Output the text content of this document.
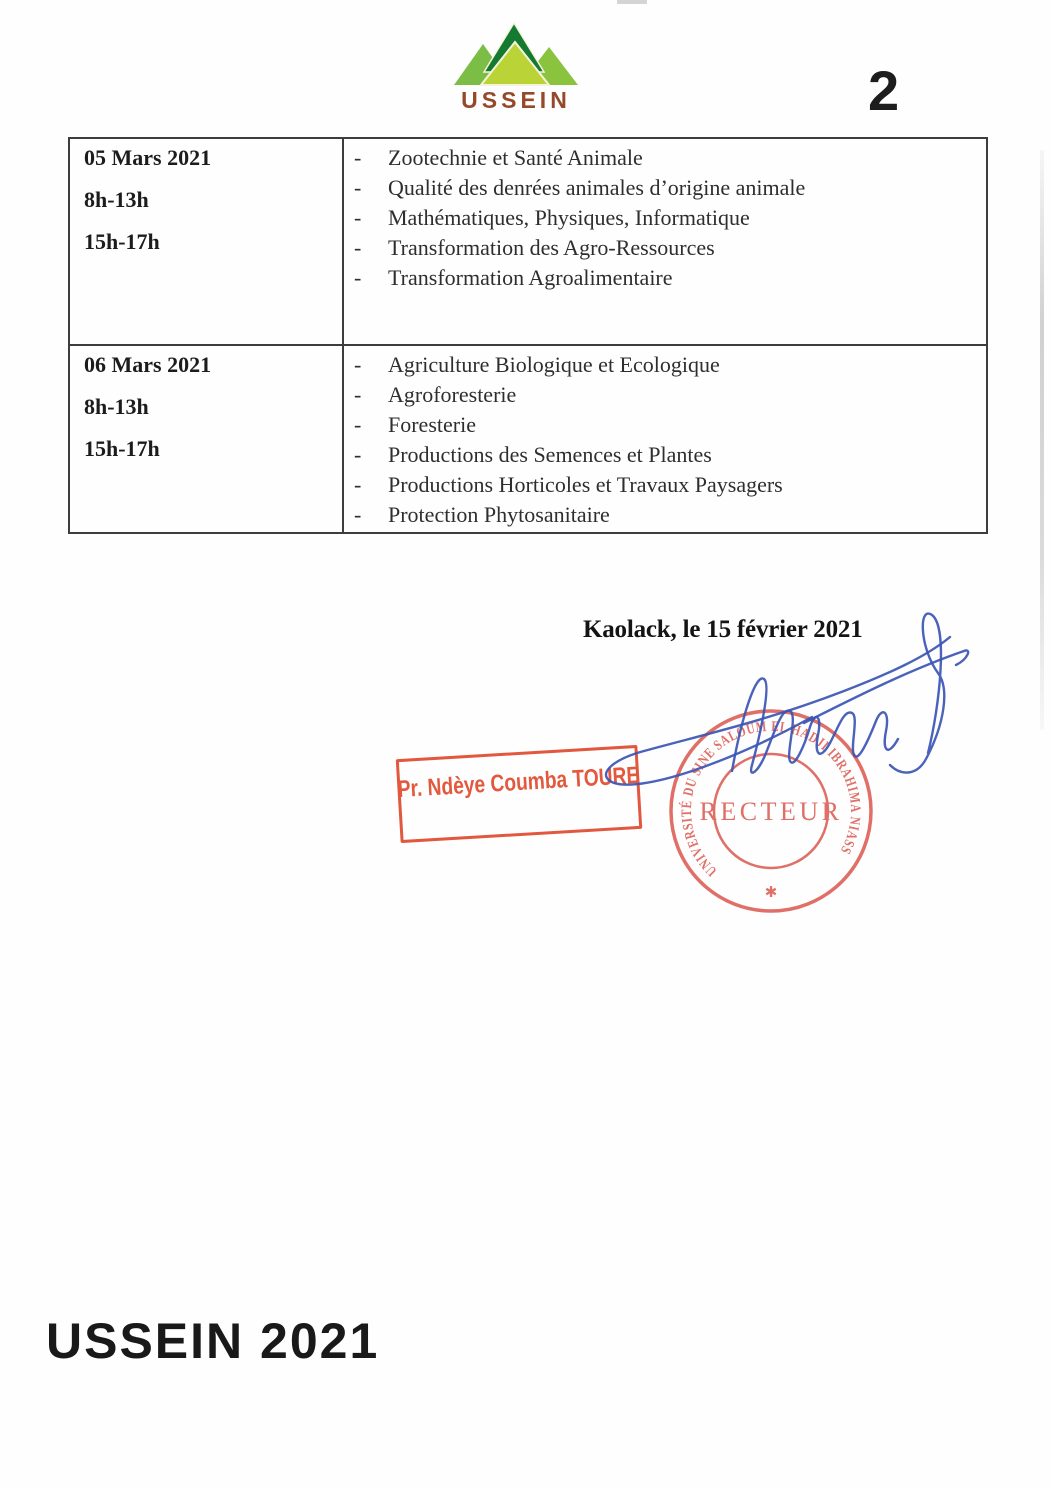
USSEIN	2
05 Mars 2021
8h-13h
15h-17h

-	Zootechnie et Santé Animale
-	Qualité des denrées animales d’origine animale
-	Mathématiques, Physiques, Informatique
-	Transformation des Agro-Ressources
-	Transformation Agroalimentaire

06 Mars 2021
8h-13h
15h-17h

-	Agriculture Biologique et Ecologique
-	Agroforesterie
-	Foresterie
-	Productions des Semences et Plantes
-	Productions Horticoles et Travaux Paysagers
-	Protection Phytosanitaire
Kaolack, le 15 février 2021
UNIVERSITÉ DU SINE SALOUM EL HADJI IBRAHIMA NIASS
RECTEUR
✱
Pr. Ndèye Coumba TOURE
USSEIN 2021
